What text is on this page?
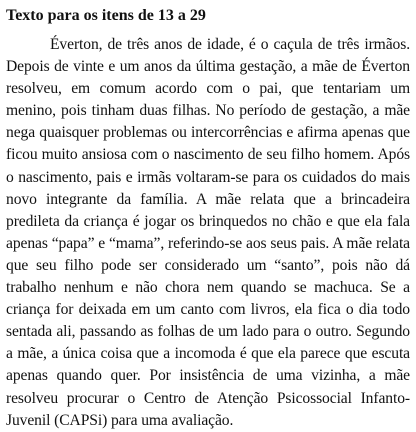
Texto para os itens de 13 a 29

Éverton, de três anos de idade, é o caçula de três irmãos. Depois de vinte e um anos da última gestação, a mãe de Éverton resolveu, em comum acordo com o pai, que tentariam um menino, pois tinham duas filhas. No período de gestação, a mãe nega quaisquer problemas ou intercorrências e afirma apenas que ficou muito ansiosa com o nascimento de seu filho homem. Após o nascimento, pais e irmãs voltaram-se para os cuidados do mais novo integrante da família. A mãe relata que a brincadeira predileta da criança é jogar os brinquedos no chão e que ela fala apenas “papa” e “mama”, referindo-se aos seus pais. A mãe relata que seu filho pode ser considerado um “santo”, pois não dá trabalho nenhum e não chora nem quando se machuca. Se a criança for deixada em um canto com livros, ela fica o dia todo sentada ali, passando as folhas de um lado para o outro. Segundo a mãe, a única coisa que a incomoda é que ela parece que escuta apenas quando quer. Por insistência de uma vizinha, a mãe resolveu procurar o Centro de Atenção Psicossocial Infanto-Juvenil (CAPSi) para uma avaliação.
